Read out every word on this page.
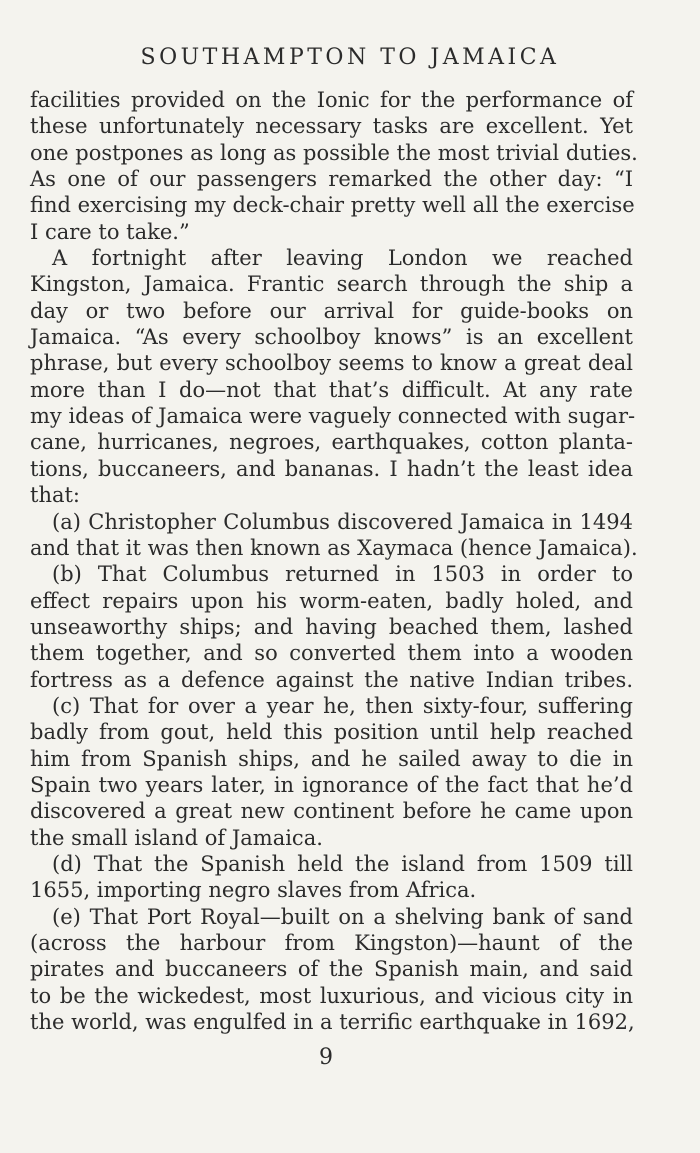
SOUTHAMPTON TO JAMAICA
facilities provided on the Ionic for the performance of
these unfortunately necessary tasks are excellent. Yet
one postpones as long as possible the most trivial duties.
As one of our passengers remarked the other day: “I
find exercising my deck-chair pretty well all the exercise
I care to take.”
A fortnight after leaving London we reached
Kingston, Jamaica. Frantic search through the ship a
day or two before our arrival for guide-books on
Jamaica. “As every schoolboy knows” is an excellent
phrase, but every schoolboy seems to know a great deal
more than I do—not that that’s difficult. At any rate
my ideas of Jamaica were vaguely connected with sugar-
cane, hurricanes, negroes, earthquakes, cotton planta-
tions, buccaneers, and bananas. I hadn’t the least idea
that:
(a) Christopher Columbus discovered Jamaica in 1494
and that it was then known as Xaymaca (hence Jamaica).
(b) That Columbus returned in 1503 in order to
effect repairs upon his worm-eaten, badly holed, and
unseaworthy ships; and having beached them, lashed
them together, and so converted them into a wooden
fortress as a defence against the native Indian tribes.
(c) That for over a year he, then sixty-four, suffering
badly from gout, held this position until help reached
him from Spanish ships, and he sailed away to die in
Spain two years later, in ignorance of the fact that he’d
discovered a great new continent before he came upon
the small island of Jamaica.
(d) That the Spanish held the island from 1509 till
1655, importing negro slaves from Africa.
(e) That Port Royal—built on a shelving bank of sand
(across the harbour from Kingston)—haunt of the
pirates and buccaneers of the Spanish main, and said
to be the wickedest, most luxurious, and vicious city in
the world, was engulfed in a terrific earthquake in 1692,
9
